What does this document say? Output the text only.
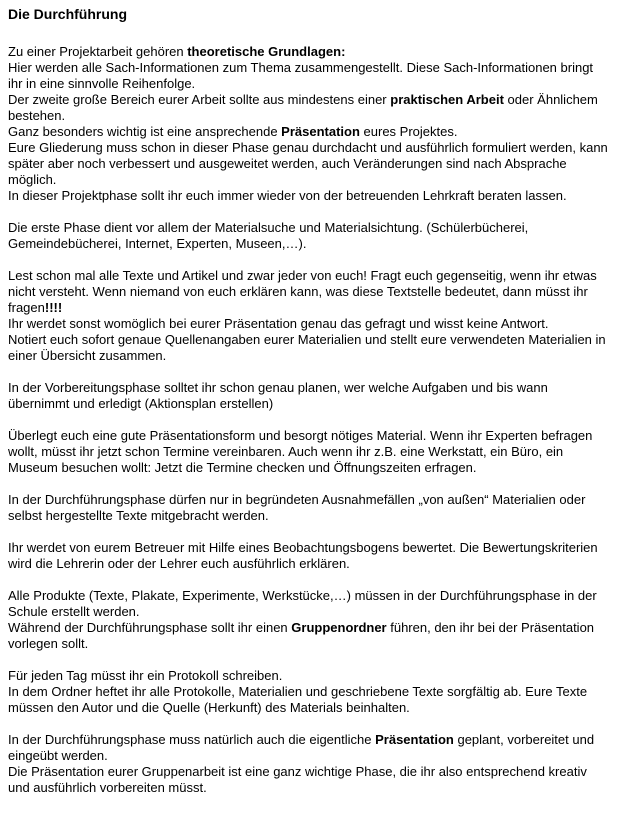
Die Durchführung
Zu einer Projektarbeit gehören theoretische Grundlagen:
Hier werden alle Sach-Informationen zum Thema zusammengestellt. Diese Sach-Informationen bringt ihr in eine sinnvolle Reihenfolge.
Der zweite große Bereich eurer Arbeit sollte aus mindestens einer praktischen Arbeit oder Ähnlichem bestehen.
Ganz besonders wichtig ist eine ansprechende Präsentation eures Projektes.
Eure Gliederung muss schon in dieser Phase genau durchdacht und ausführlich formuliert werden, kann später aber noch verbessert und ausgeweitet werden, auch Veränderungen sind nach Absprache möglich.
In dieser Projektphase sollt ihr euch immer wieder von der betreuenden Lehrkraft beraten lassen.
Die erste Phase dient vor allem der Materialsuche und Materialsichtung. (Schülerbücherei, Gemeindebücherei, Internet, Experten, Museen,…).
Lest schon mal alle Texte und Artikel und zwar jeder von euch! Fragt euch gegenseitig, wenn ihr etwas nicht versteht. Wenn niemand von euch erklären kann, was diese Textstelle bedeutet, dann müsst ihr fragen!!!!
Ihr werdet sonst womöglich bei eurer Präsentation genau das gefragt und wisst keine Antwort.
Notiert euch sofort genaue Quellenangaben eurer Materialien und stellt eure verwendeten Materialien in einer Übersicht zusammen.
In der Vorbereitungsphase solltet ihr schon genau planen, wer welche Aufgaben und bis wann übernimmt und erledigt (Aktionsplan erstellen)
Überlegt euch eine gute Präsentationsform und besorgt nötiges Material. Wenn ihr Experten befragen wollt, müsst ihr jetzt schon Termine vereinbaren. Auch wenn ihr z.B. eine Werkstatt, ein Büro, ein Museum besuchen wollt: Jetzt die Termine checken und Öffnungszeiten erfragen.
In der Durchführungsphase dürfen nur in begründeten Ausnahmefällen „von außen“ Materialien oder selbst hergestellte Texte mitgebracht werden.
Ihr werdet von eurem Betreuer mit Hilfe eines Beobachtungsbogens bewertet. Die Bewertungskriterien wird die Lehrerin oder der Lehrer euch ausführlich erklären.
Alle Produkte (Texte, Plakate, Experimente, Werkstücke,…) müssen in der Durchführungsphase in der Schule erstellt werden.
Während der Durchführungsphase sollt ihr einen Gruppenordner führen, den ihr bei der Präsentation vorlegen sollt.
Für jeden Tag müsst ihr ein Protokoll schreiben.
In dem Ordner heftet ihr alle Protokolle, Materialien und geschriebene Texte sorgfältig ab. Eure Texte müssen den Autor und die Quelle (Herkunft) des Materials beinhalten.
In der Durchführungsphase muss natürlich auch die eigentliche Präsentation geplant, vorbereitet und eingeübt werden.
Die Präsentation eurer Gruppenarbeit ist eine ganz wichtige Phase, die ihr also entsprechend kreativ und ausführlich vorbereiten müsst.
